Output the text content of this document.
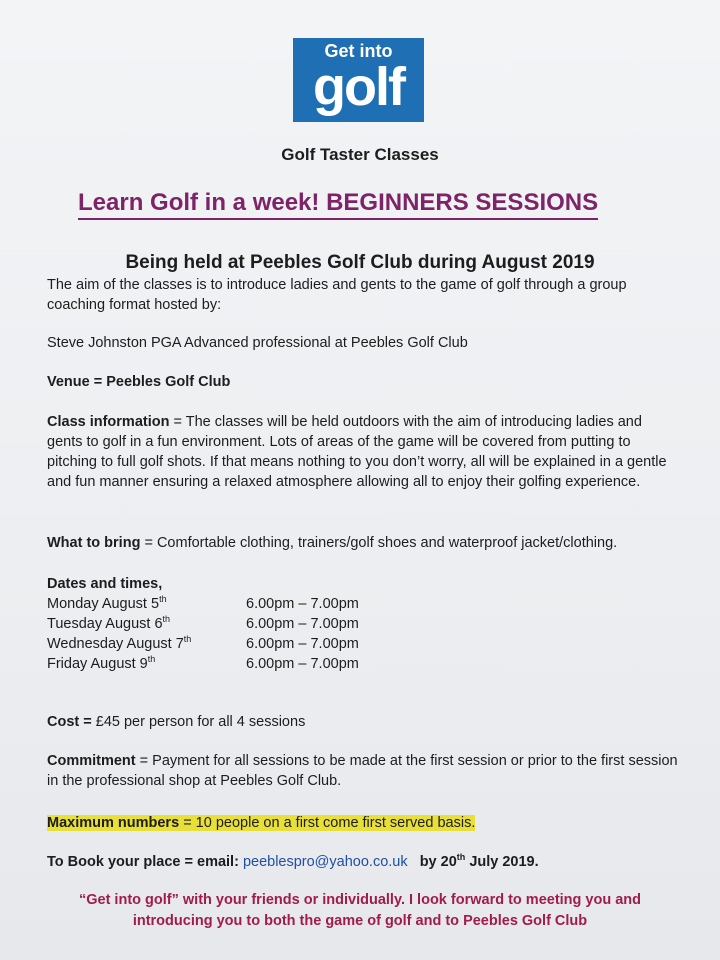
Get into
golf
Golf Taster Classes
Learn Golf in a week! BEGINNERS SESSIONS
Being held at Peebles Golf Club during August 2019
The aim of the classes is to introduce ladies and gents to the game of golf through a group coaching format hosted by:
Steve Johnston PGA Advanced professional at Peebles Golf Club
Venue = Peebles Golf Club
Class information = The classes will be held outdoors with the aim of introducing ladies and gents to golf in a fun environment. Lots of areas of the game will be covered from putting to pitching to full golf shots. If that means nothing to you don’t worry, all will be explained in a gentle and fun manner ensuring a relaxed atmosphere allowing all to enjoy their golfing experience.
What to bring = Comfortable clothing, trainers/golf shoes and waterproof jacket/clothing.
Dates and times,
Monday August 5th	6.00pm – 7.00pm
Tuesday August 6th	6.00pm – 7.00pm
Wednesday August 7th	6.00pm – 7.00pm
Friday August 9th	6.00pm – 7.00pm
Cost = £45 per person for all 4 sessions
Commitment = Payment for all sessions to be made at the first session or prior to the first session in the professional shop at Peebles Golf Club.
Maximum numbers = 10 people on a first come first served basis.
To Book your place = email: peeblespro@yahoo.co.uk by 20th July 2019.
“Get into golf” with your friends or individually. I look forward to meeting you and introducing you to both the game of golf and to Peebles Golf Club
